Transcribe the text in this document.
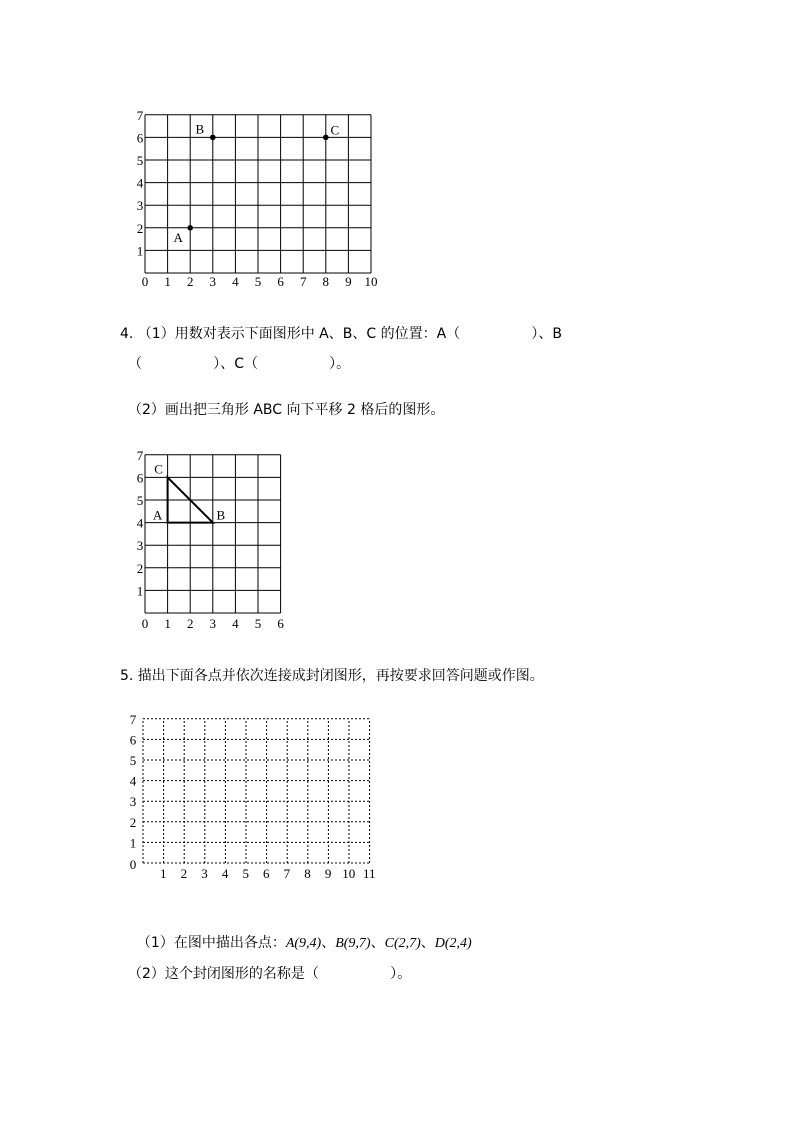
0 1 2 3 4 5 6 7 8 9 10
1
2
3
4
5
6
7
A
B	C
4. （1）用数对表示下面图形中 A、B、C 的位置：A（                ）、B
（                ）、C（                ）。
（2）画出把三角形 ABC 向下平移 2 格后的图形。
0 1 2 3 4 5 6
1
2
3
4
5
6
7
A	B
C
5. 描出下面各点并依次连接成封闭图形，再按要求回答问题或作图。
0
1 2 3 4 5 6 7 8 9 10 11
1
2
3
4
5
6
7

（1）在图中描出各点：A(9,4)、B(9,7)、C(2,7)、D(2,4)

（2）这个封闭图形的名称是（                ）。
